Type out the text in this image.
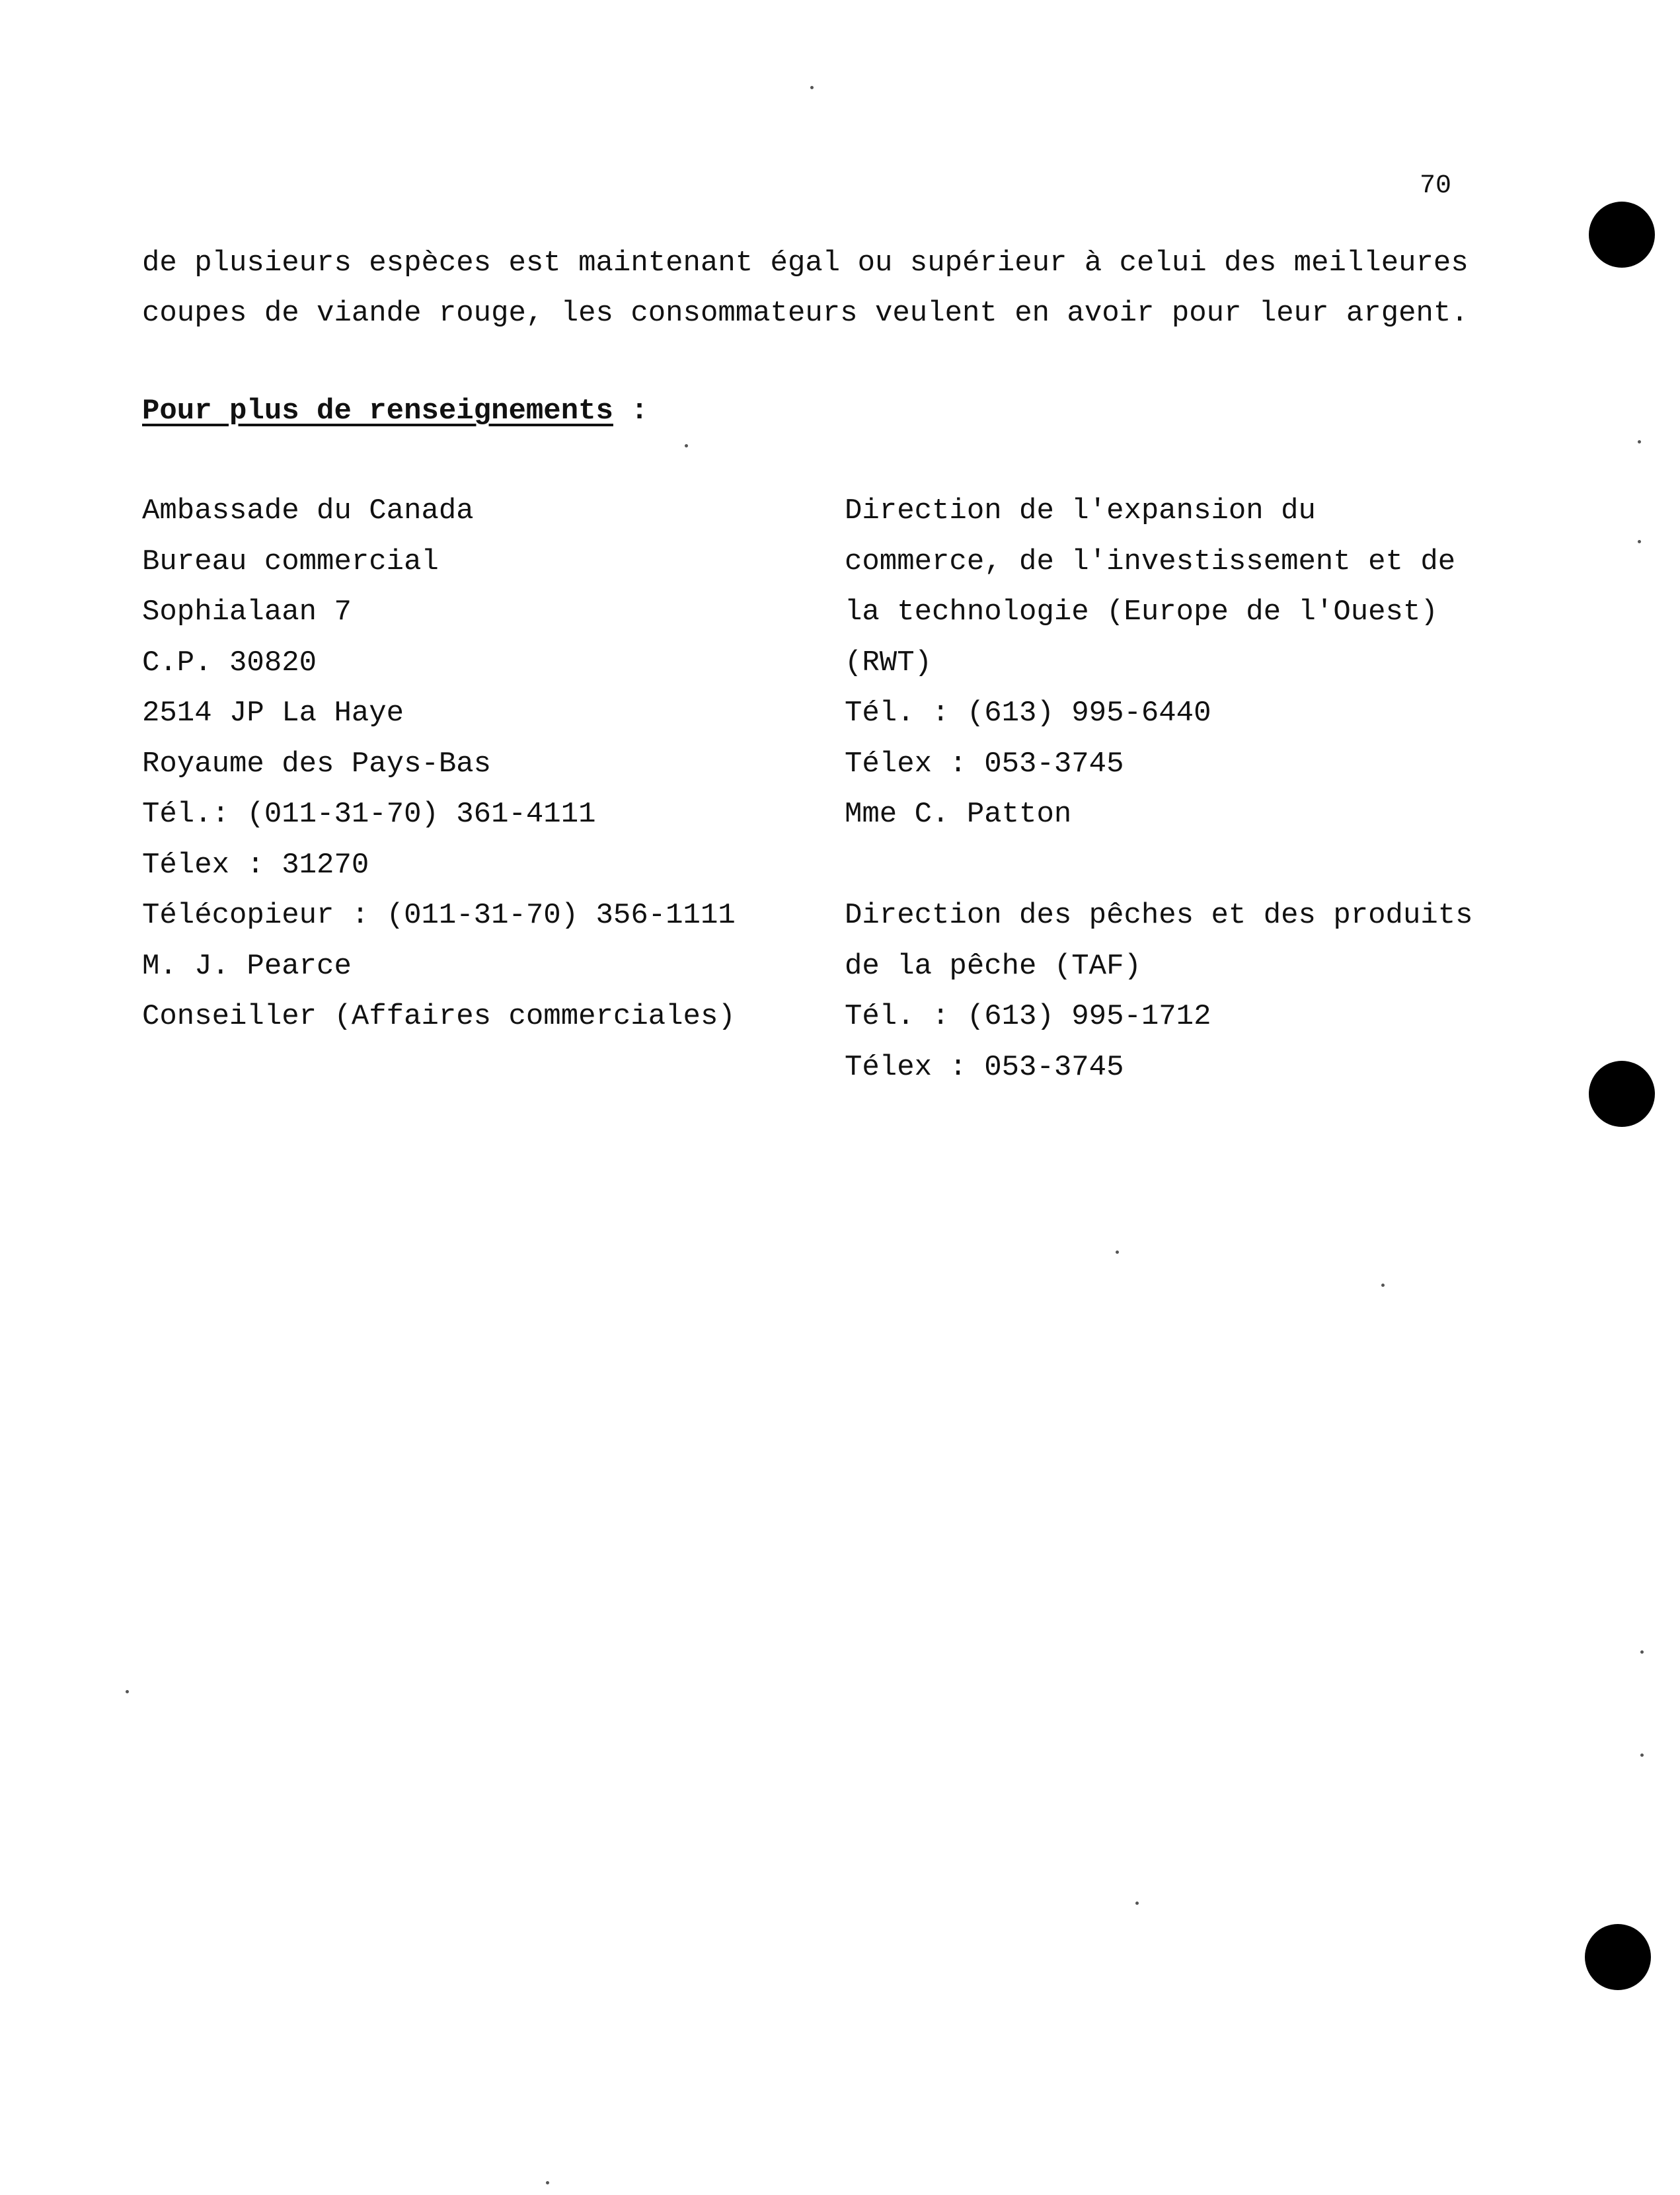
70
de plusieurs espèces est maintenant égal ou supérieur à celui des meilleures
coupes de viande rouge, les consommateurs veulent en avoir pour leur argent.
Pour plus de renseignements :
Ambassade du Canada
Bureau commercial
Sophialaan 7
C.P. 30820
2514 JP La Haye
Royaume des Pays-Bas
Tél.: (011-31-70) 361-4111
Télex : 31270
Télécopieur : (011-31-70) 356-1111
M. J. Pearce
Conseiller (Affaires commerciales)
Direction de l'expansion du
commerce, de l'investissement et de
la technologie (Europe de l'Ouest)
(RWT)
Tél. : (613) 995-6440
Télex : 053-3745
Mme C. Patton
Direction des pêches et des produits
de la pêche (TAF)
Tél. : (613) 995-1712
Télex : 053-3745
